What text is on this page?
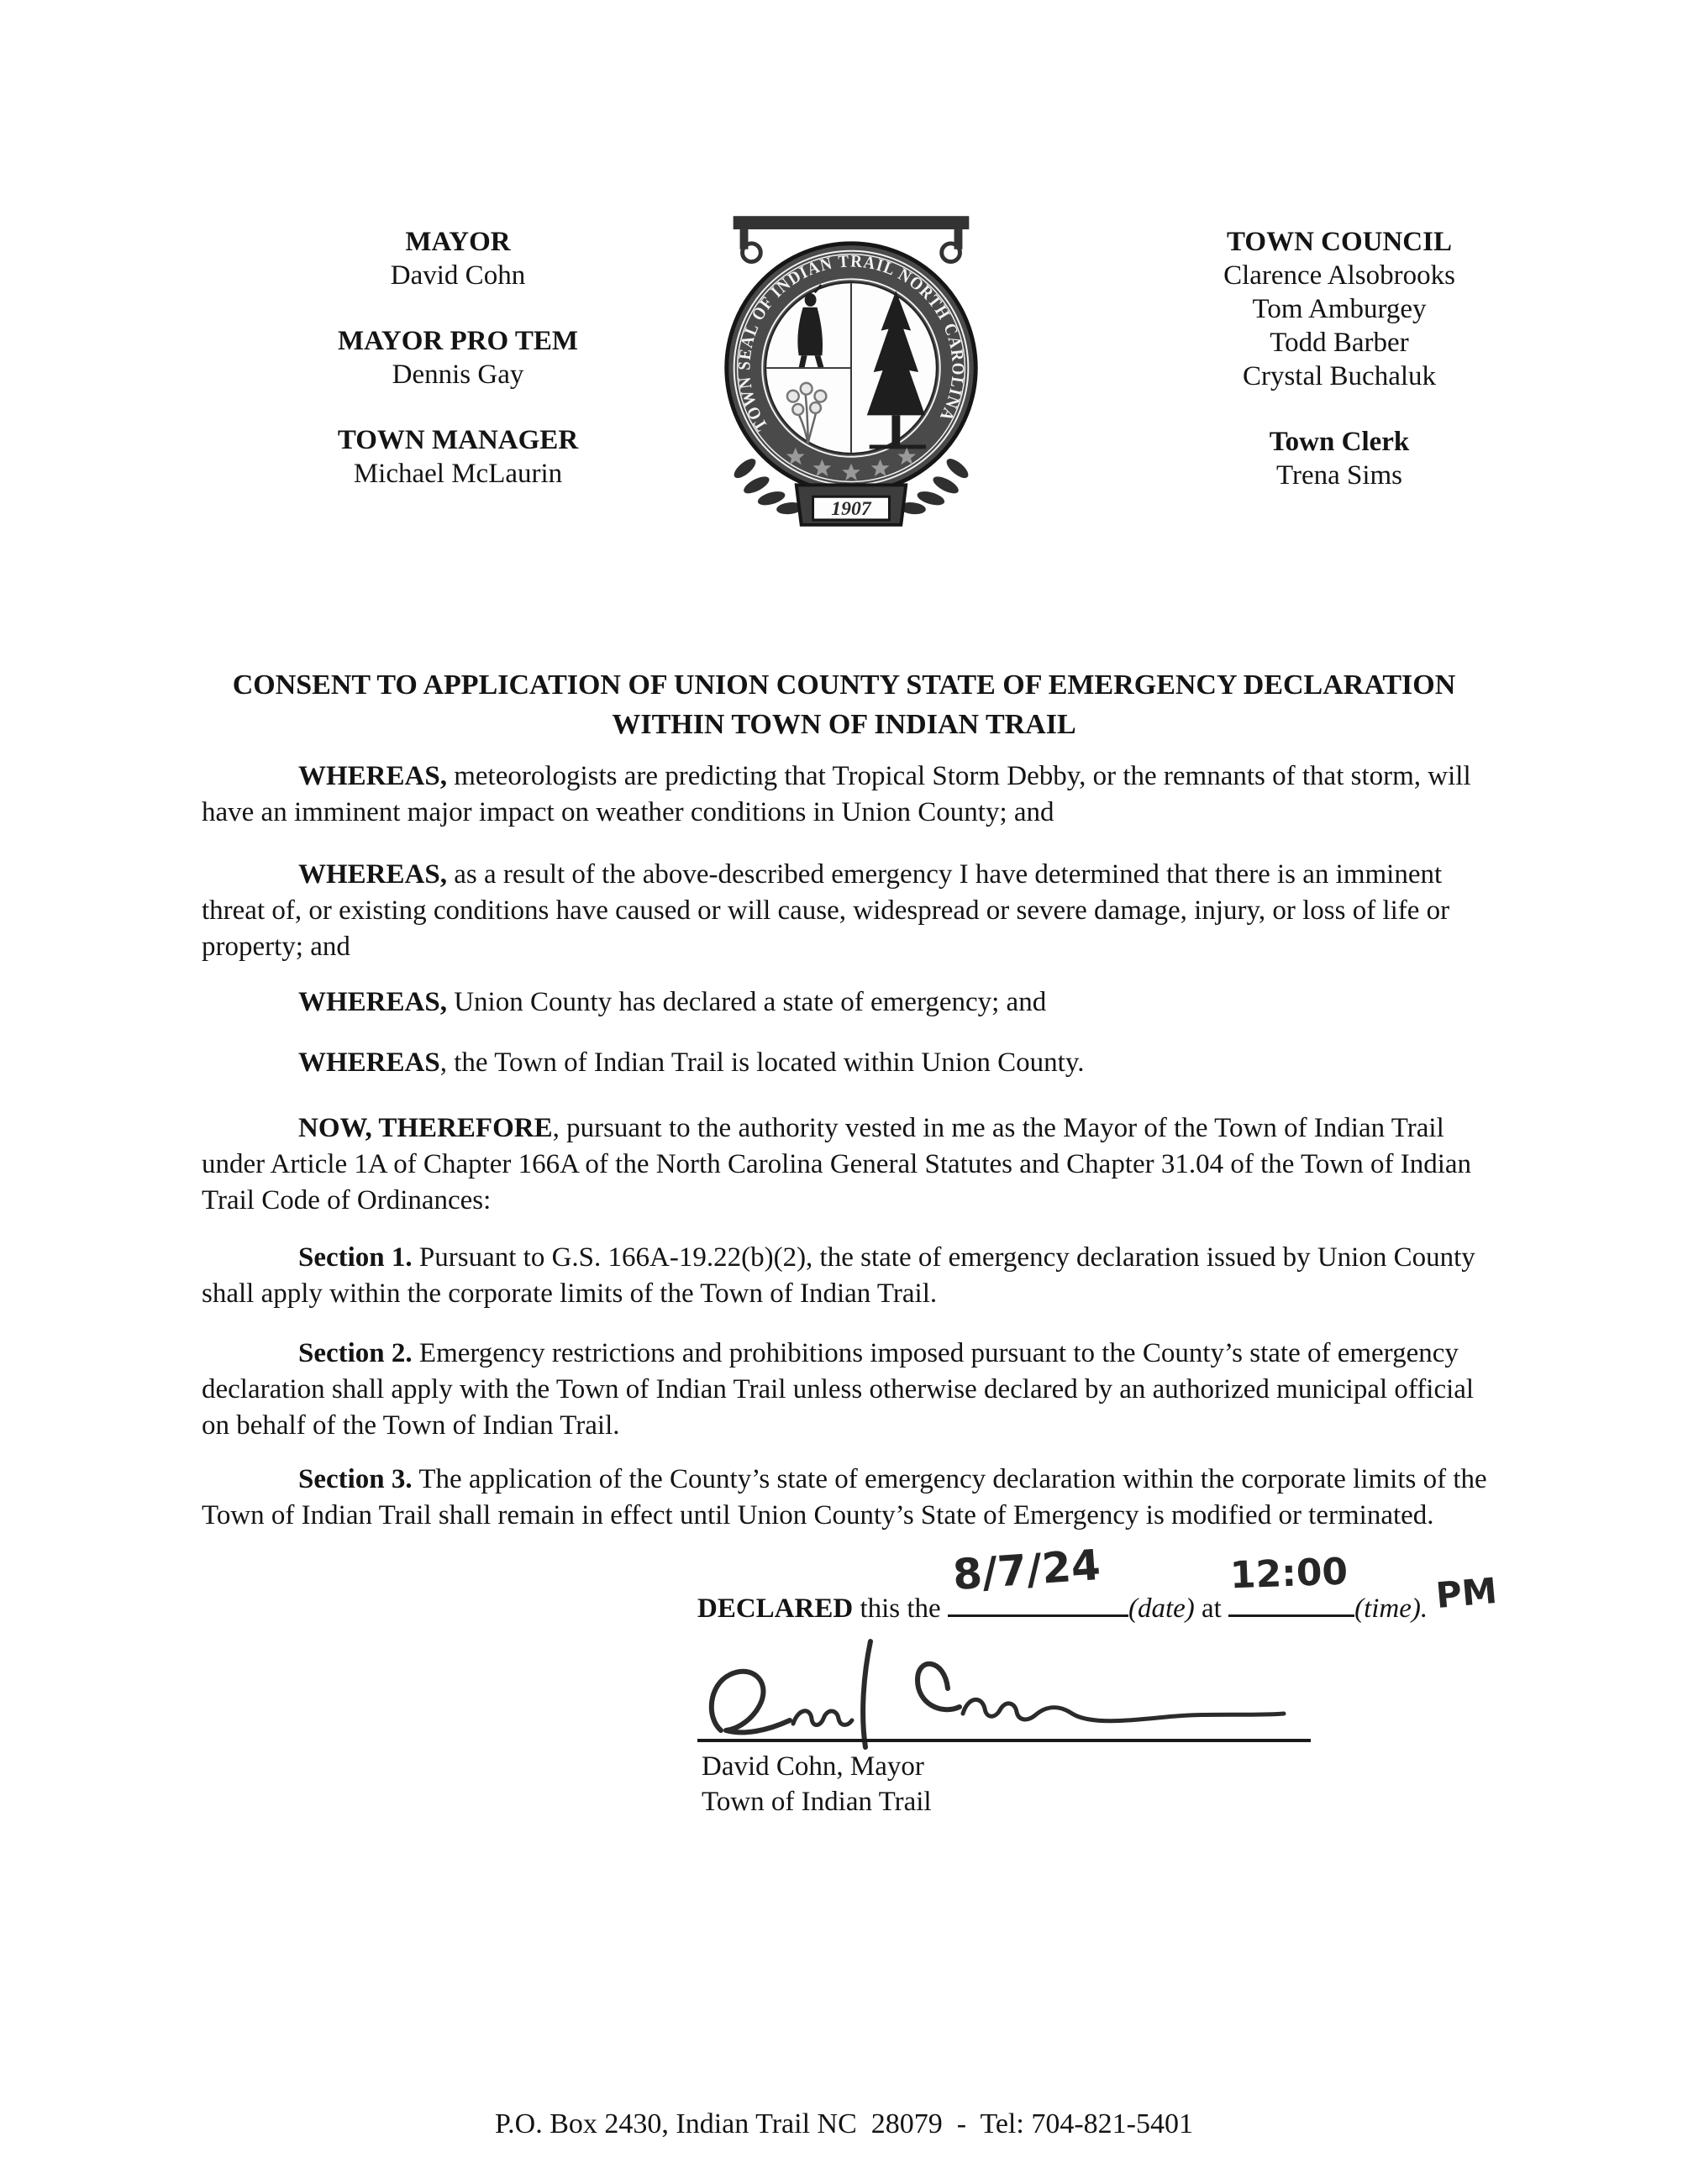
MAYOR
David Cohn
MAYOR PRO TEM
Dennis Gay
TOWN MANAGER
Michael McLaurin
TOWN SEAL OF INDIAN TRAIL NORTH CAROLINA
1907
TOWN COUNCIL
Clarence Alsobrooks
Tom Amburgey
Todd Barber
Crystal Buchaluk
Town Clerk
Trena Sims
CONSENT TO APPLICATION OF UNION COUNTY STATE OF EMERGENCY DECLARATION
WITHIN TOWN OF INDIAN TRAIL
WHEREAS, meteorologists are predicting that Tropical Storm Debby, or the remnants of that storm, will have an imminent major impact on weather conditions in Union County; and
WHEREAS, as a result of the above-described emergency I have determined that there is an imminent threat of, or existing conditions have caused or will cause, widespread or severe damage, injury, or loss of life or property; and
WHEREAS, Union County has declared a state of emergency; and
WHEREAS, the Town of Indian Trail is located within Union County.
NOW, THEREFORE, pursuant to the authority vested in me as the Mayor of the Town of Indian Trail under Article 1A of Chapter 166A of the North Carolina General Statutes and Chapter 31.04 of the Town of Indian Trail Code of Ordinances:
Section 1. Pursuant to G.S. 166A-19.22(b)(2), the state of emergency declaration issued by Union County shall apply within the corporate limits of the Town of Indian Trail.
Section 2. Emergency restrictions and prohibitions imposed pursuant to the County’s state of emergency declaration shall apply with the Town of Indian Trail unless otherwise declared by an authorized municipal official on behalf of the Town of Indian Trail.
Section 3. The application of the County’s state of emergency declaration within the corporate limits of the Town of Indian Trail shall remain in effect until Union County’s State of Emergency is modified or terminated.
DECLARED this the
8/7/24
(date) at
12:00
(time). PM
David Cohn, Mayor
Town of Indian Trail
P.O. Box 2430, Indian Trail NC  28079  -  Tel: 704-821-5401
